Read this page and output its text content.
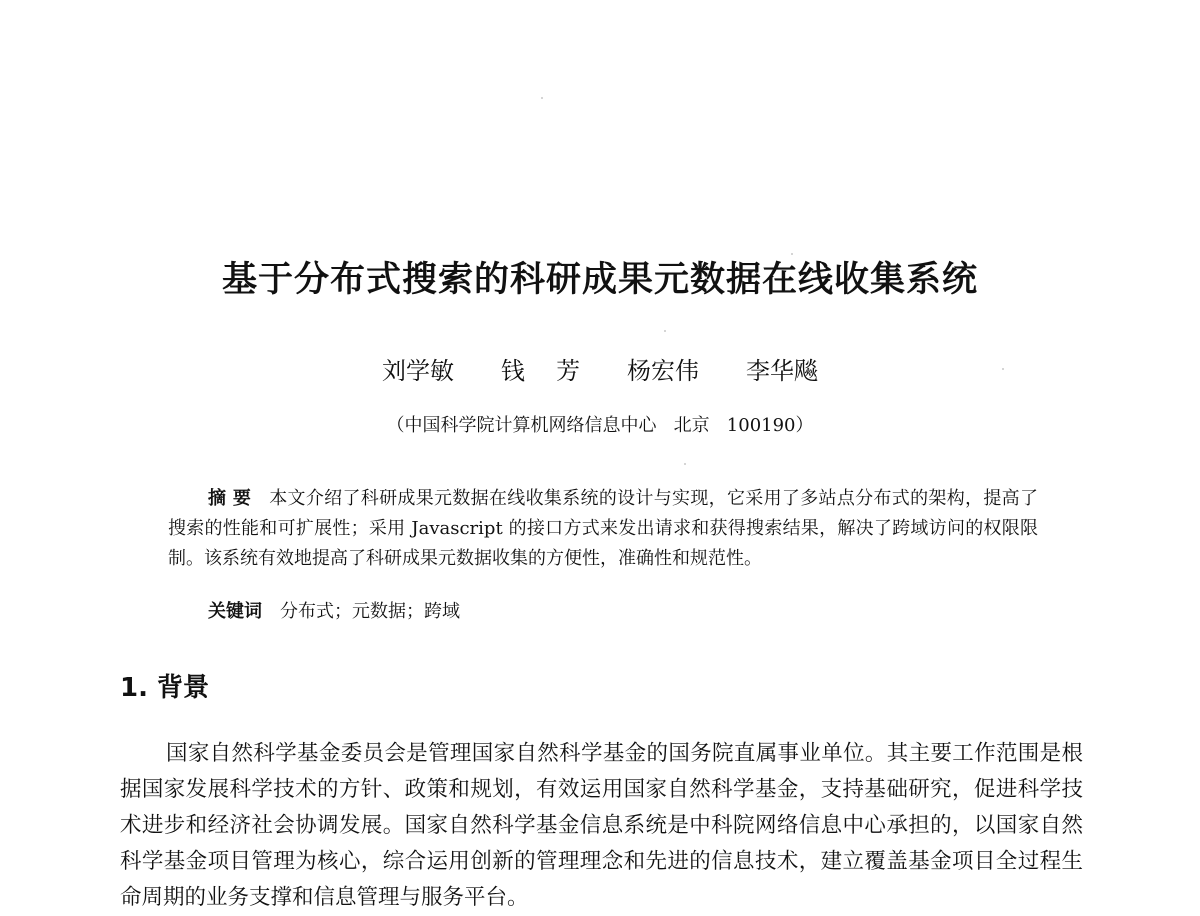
基于分布式搜索的科研成果元数据在线收集系统
刘学敏   钱  芳   杨宏伟   李华飚
（中国科学院计算机网络信息中心   北京   100190）
摘 要 本文介绍了科研成果元数据在线收集系统的设计与实现，它采用了多站点分布式的架构，提高了搜索的性能和可扩展性；采用 Javascript 的接口方式来发出请求和获得搜索结果，解决了跨域访问的权限限制。该系统有效地提高了科研成果元数据收集的方便性，准确性和规范性。
关键词 分布式；元数据；跨域
1. 背景

国家自然科学基金委员会是管理国家自然科学基金的国务院直属事业单位。其主要工作范围是根据国家发展科学技术的方针、政策和规划，有效运用国家自然科学基金，支持基础研究，促进科学技术进步和经济社会协调发展。国家自然科学基金信息系统是中科院网络信息中心承担的，以国家自然科学基金项目管理为核心，综合运用创新的管理理念和先进的信息技术，建立覆盖基金项目全过程生命周期的业务支撑和信息管理与服务平台。
